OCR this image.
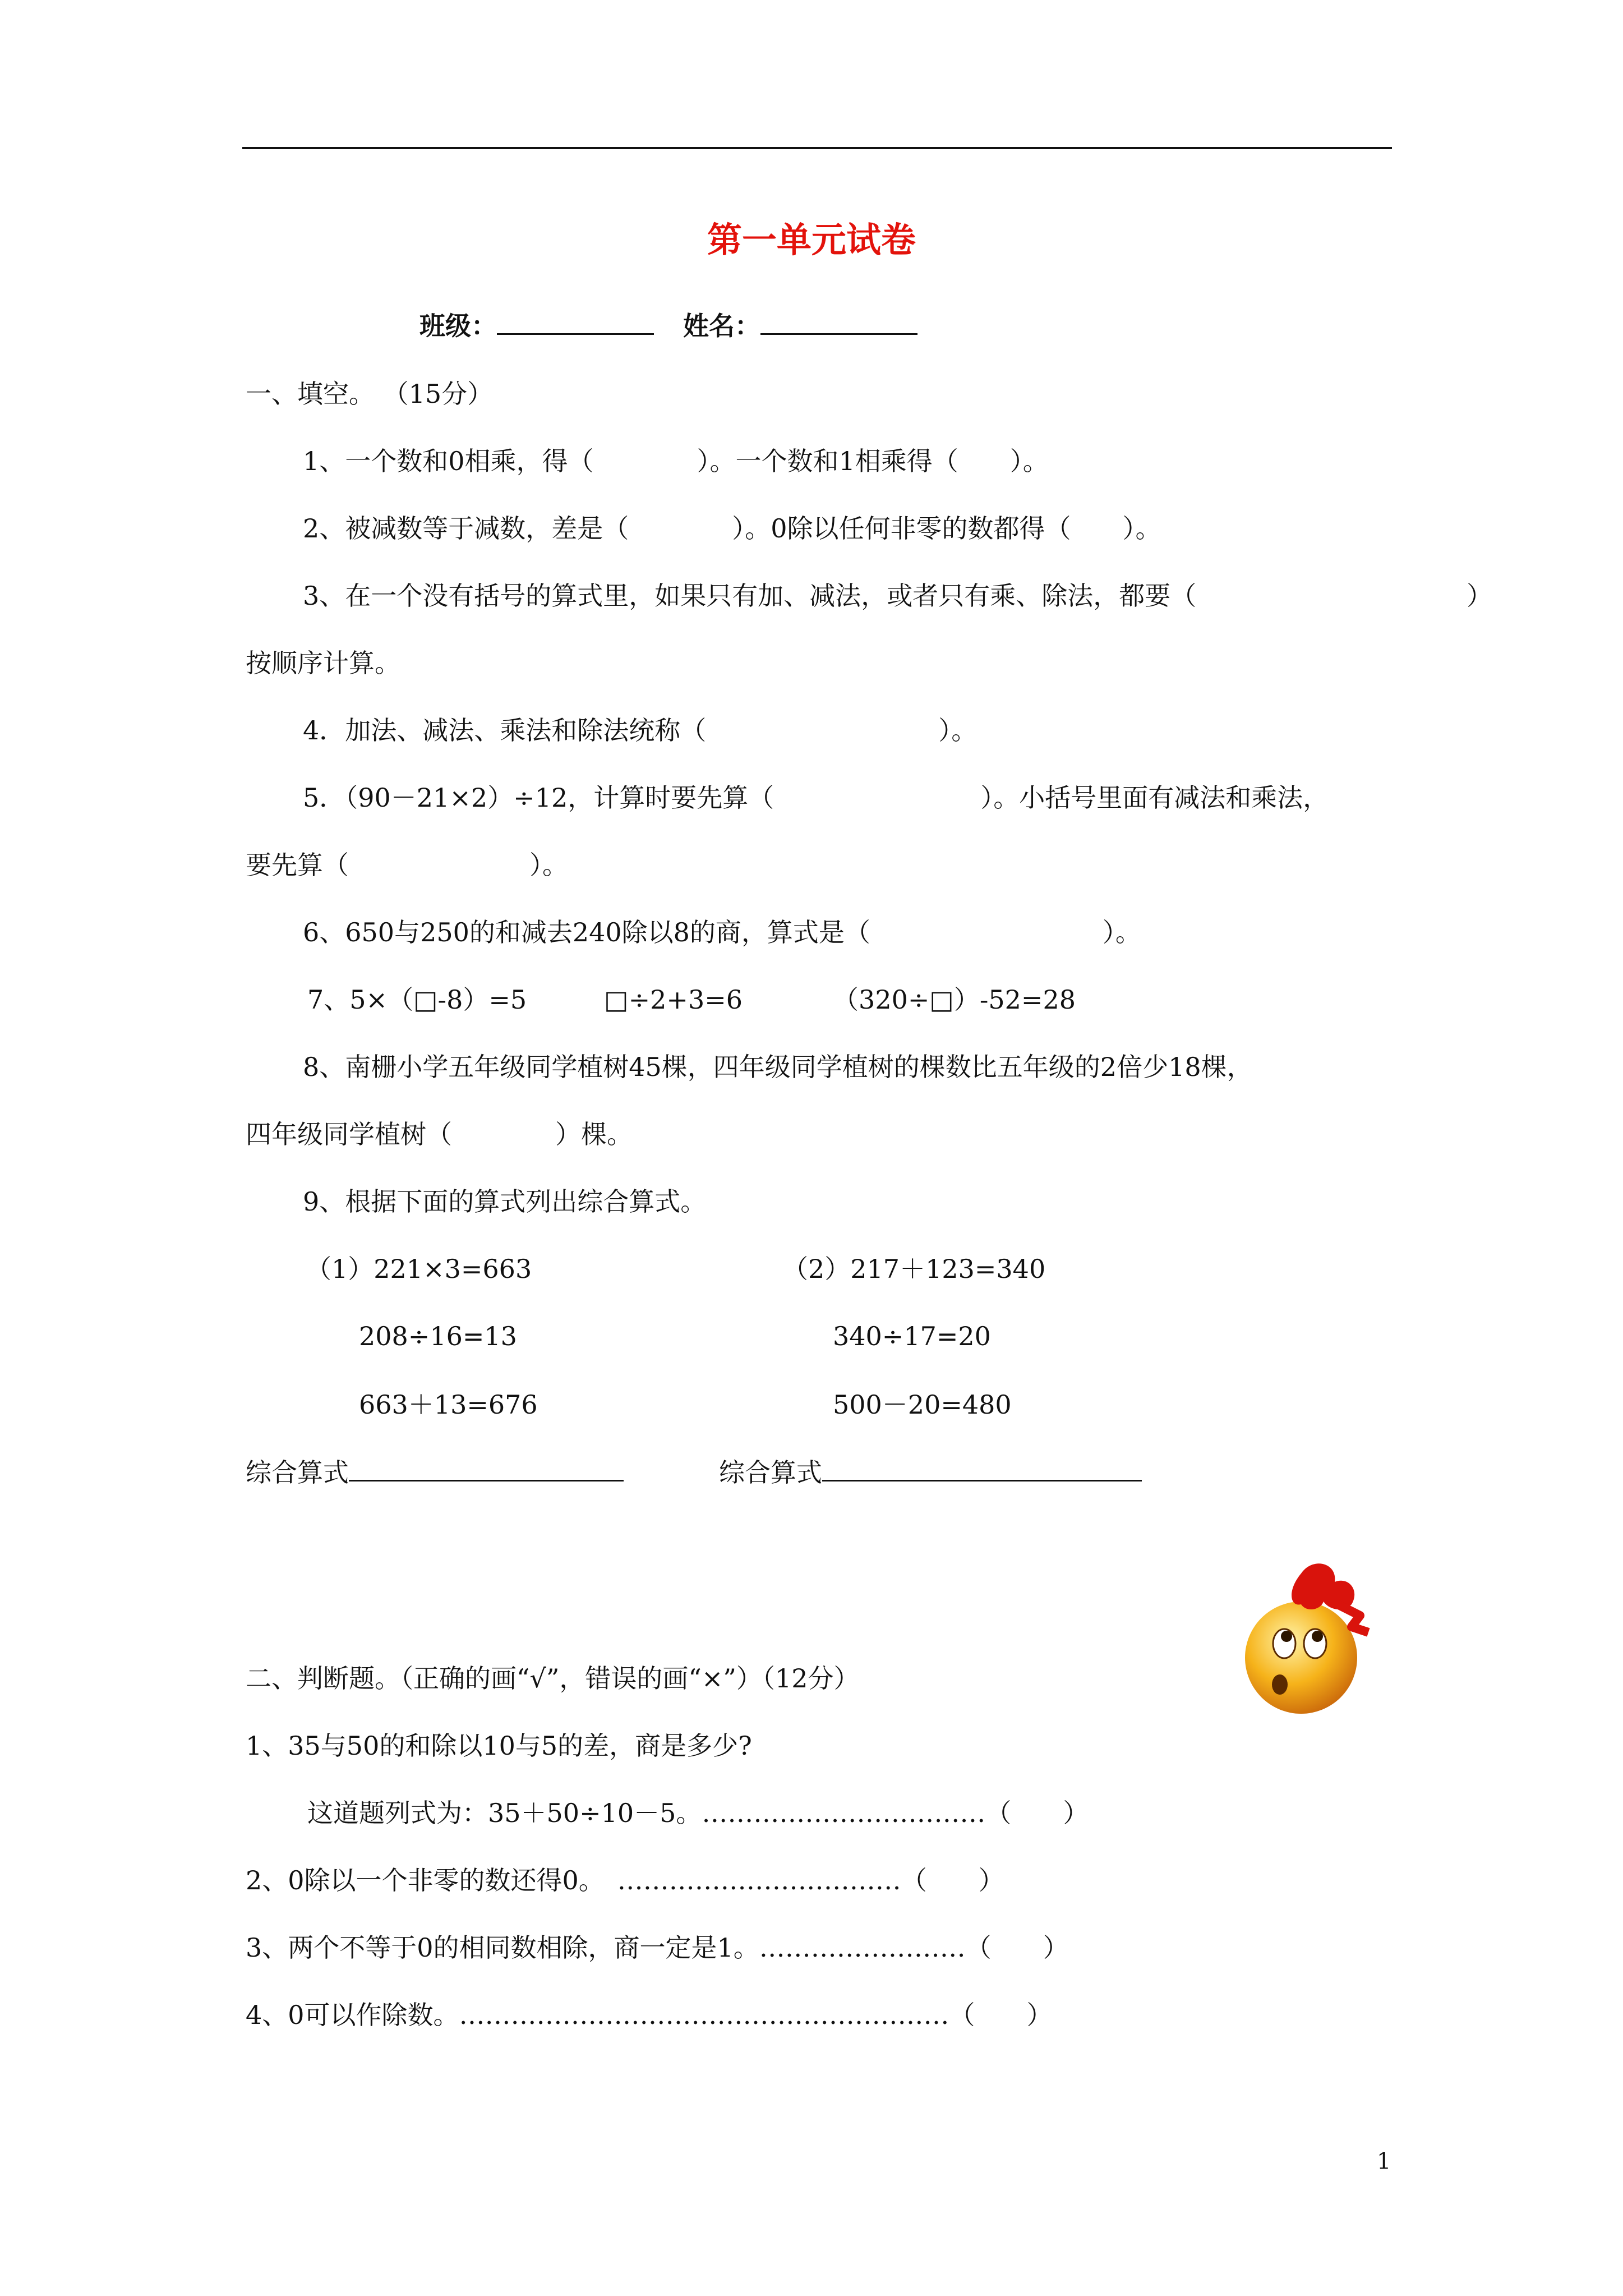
第一单元试卷
班级：	姓名：
一、填空。 （15分）
1、一个数和0相乘，得（　　　　）。一个数和1相乘得（　　）。
2、被减数等于减数，差是（　　　　）。0除以任何非零的数都得（　　）。
3、在一个没有括号的算式里，如果只有加、减法，或者只有乘、除法，都要（	）
按顺序计算。
4．加法、减法、乘法和除法统称（　　　　　　　　　）。
5．（90－21×2）÷12，计算时要先算（　　　　　　　　）。小括号里面有减法和乘法，
要先算（　　　　　　　）。
6、650与250的和减去240除以8的商，算式是（　　　　　　　　　）。
7、5×（□-8）=5　　　□÷2+3=6　　　　（320÷□）-52=28
8、南栅小学五年级同学植树45棵，四年级同学植树的棵数比五年级的2倍少18棵，
四年级同学植树（　　　　）棵。
9、根据下面的算式列出综合算式。
（1）221×3=663
208÷16=13
663＋13=676
（2）217＋123=340
340÷17=20
500－20=480
综合算式	综合算式
二、判断题。（正确的画“√”，错误的画“×”）（12分）
1、35与50的和除以10与5的差，商是多少?
这道题列式为：35＋50÷10－5。……………………………（　　）
2、0除以一个非零的数还得0。　……………………………（　　）
3、两个不等于0的相同数相除，商一定是1。……………………（　　）
4、0可以作除数。…………………………………………………（　　）
1
